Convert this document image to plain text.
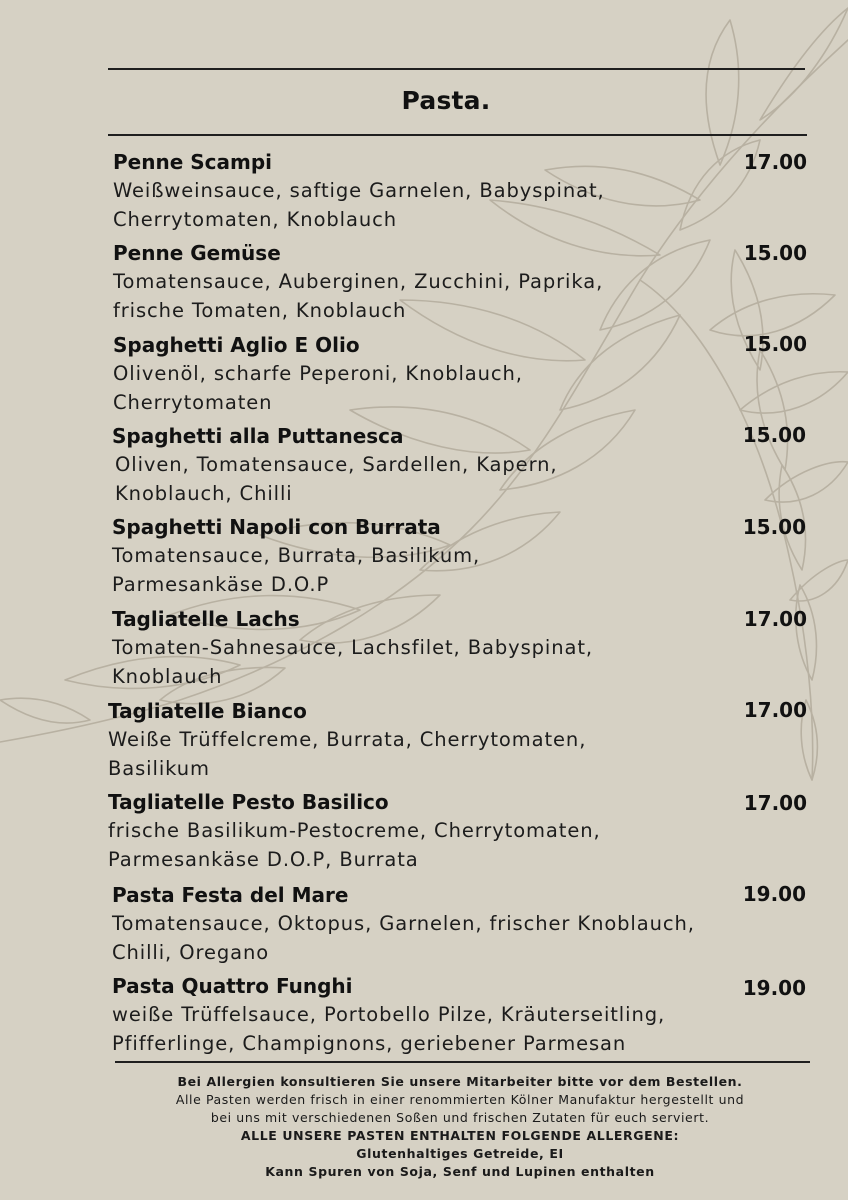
Pasta.
Penne Scampi
Weißweinsauce, saftige Garnelen, Babyspinat,
Cherrytomaten, Knoblauch
17.00
Penne Gemüse
Tomatensauce, Auberginen, Zucchini, Paprika,
frische Tomaten, Knoblauch
15.00
Spaghetti Aglio E Olio
Olivenöl, scharfe Peperoni, Knoblauch,
Cherrytomaten
15.00
Spaghetti alla Puttanesca
Oliven, Tomatensauce, Sardellen, Kapern,
Knoblauch, Chilli
15.00
Spaghetti Napoli con Burrata
Tomatensauce, Burrata, Basilikum,
Parmesankäse D.O.P
15.00
Tagliatelle Lachs
Tomaten-Sahnesauce, Lachsfilet, Babyspinat,
Knoblauch
17.00
Tagliatelle Bianco
Weiße Trüffelcreme, Burrata, Cherrytomaten,
Basilikum
17.00
Tagliatelle Pesto Basilico
frische Basilikum-Pestocreme, Cherrytomaten,
Parmesankäse D.O.P, Burrata
17.00
Pasta Festa del Mare
Tomatensauce, Oktopus, Garnelen, frischer Knoblauch,
Chilli, Oregano
19.00
Pasta Quattro Funghi
weiße Trüffelsauce, Portobello Pilze, Kräuterseitling,
Pfifferlinge, Champignons, geriebener Parmesan
19.00
Bei Allergien konsultieren Sie unsere Mitarbeiter bitte vor dem Bestellen.
Alle Pasten werden frisch in einer renommierten Kölner Manufaktur hergestellt und
bei uns mit verschiedenen Soßen und frischen Zutaten für euch serviert.
ALLE UNSERE PASTEN ENTHALTEN FOLGENDE ALLERGENE:
Glutenhaltiges Getreide, EI
Kann Spuren von Soja, Senf und Lupinen enthalten
